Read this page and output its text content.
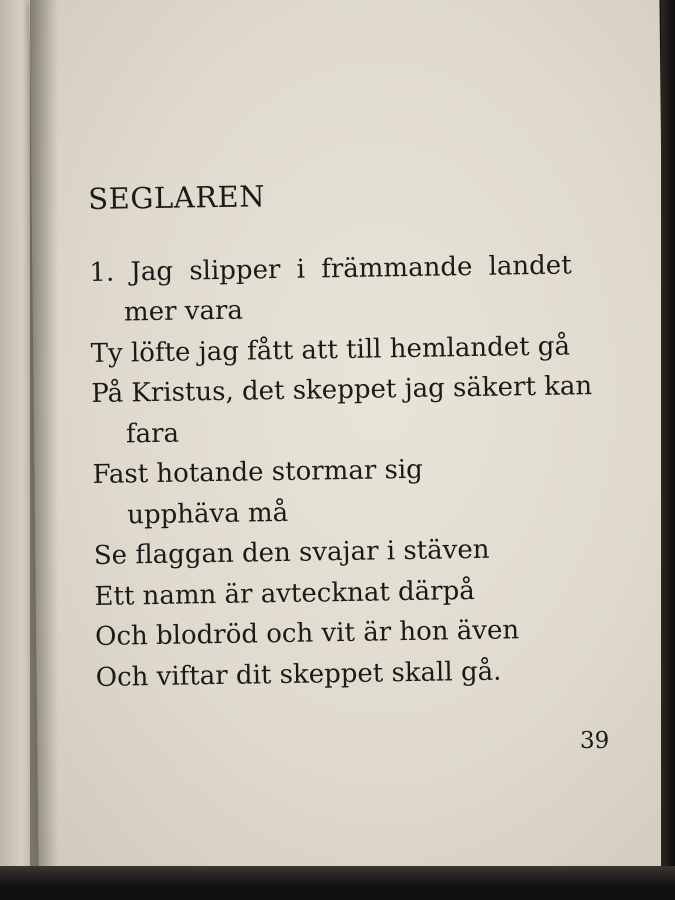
SEGLAREN
1. Jag slipper i främmande landet
mer vara
Ty löfte jag fått att till hemlandet gå
På Kristus, det skeppet jag säkert kan
fara
Fast hotande stormar sig
upphäva må
Se flaggan den svajar i stäven
Ett namn är avtecknat därpå
Och blodröd och vit är hon även
Och viftar dit skeppet skall gå.
39
